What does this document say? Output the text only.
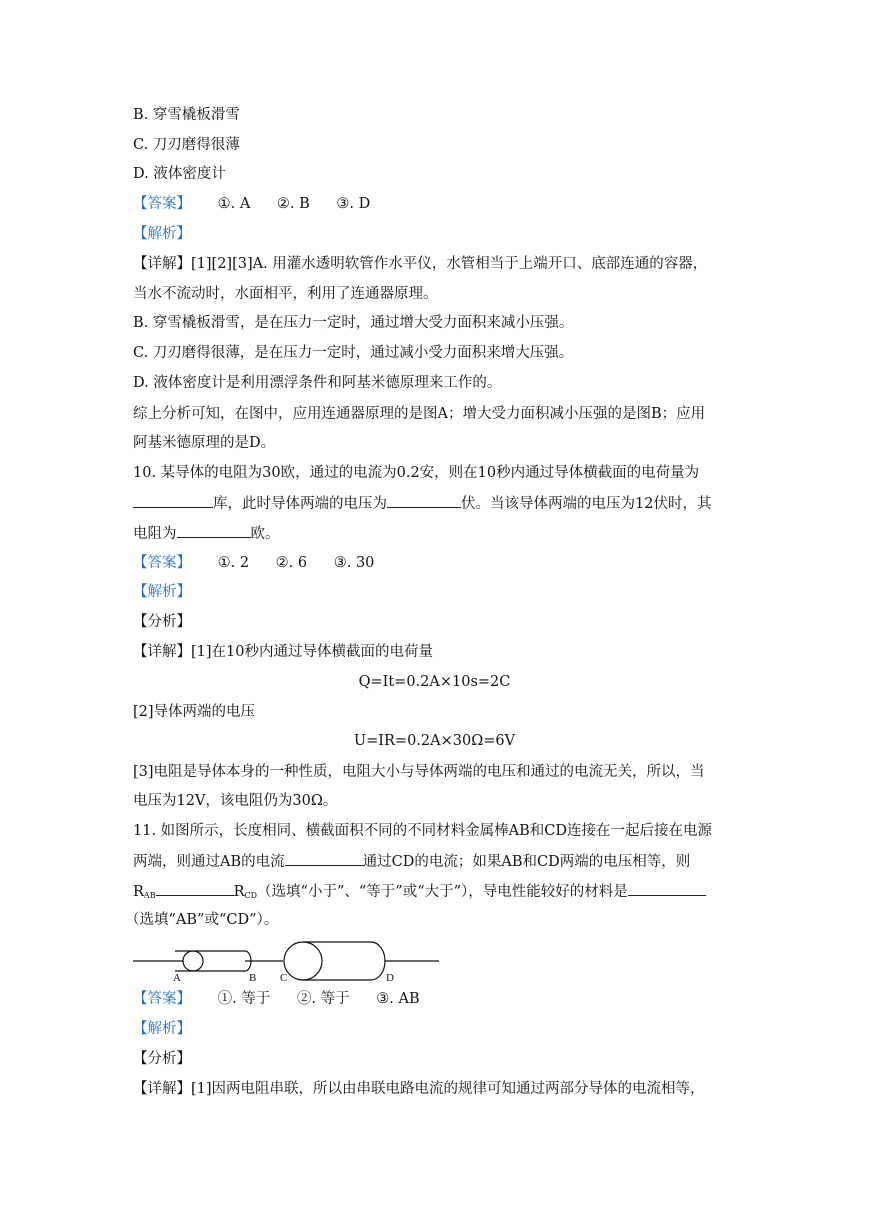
B. 穿雪橇板滑雪
C. 刀刃磨得很薄
D. 液体密度计
【答案】 ①. A ②. B ③. D
【解析】
【详解】[1][2][3]A. 用灌水透明软管作水平仪，水管相当于上端开口、底部连通的容器，
当水不流动时，水面相平，利用了连通器原理。
B. 穿雪橇板滑雪，是在压力一定时，通过增大受力面积来减小压强。
C. 刀刃磨得很薄，是在压力一定时，通过减小受力面积来增大压强。
D. 液体密度计是利用漂浮条件和阿基米德原理来工作的。
综上分析可知，在图中，应用连通器原理的是图A；增大受力面积减小压强的是图B；应用
阿基米德原理的是D。
10. 某导体的电阻为30欧，通过的电流为0.2安，则在10秒内通过导体横截面的电荷量为
库，此时导体两端的电压为	伏。当该导体两端的电压为12伏时，其
电阻为	欧。
【答案】 ①. 2 ②. 6 ③. 30
【解析】
【分析】
【详解】[1]在10秒内通过导体横截面的电荷量
Q=It=0.2A×10s=2C
[2]导体两端的电压
U=IR=0.2A×30Ω=6V
[3]电阻是导体本身的一种性质，电阻大小与导体两端的电压和通过的电流无关，所以，当
电压为12V，该电阻仍为30Ω。
11. 如图所示，长度相同、横截面积不同的不同材料金属棒AB和CD连接在一起后接在电源
两端，则通过AB的电流	通过CD的电流；如果AB和CD两端的电压相等，则
$R_{AB}$	$R_{CD}$（选填“小于”、“等于”或“大于”），导电性能较好的材料是
（选填“AB”或“CD”）。
A	B C	D
【答案】 ①. 等于 ②. 等于 ③. AB
【解析】
【分析】
【详解】[1]因两电阻串联，所以由串联电路电流的规律可知通过两部分导体的电流相等，
